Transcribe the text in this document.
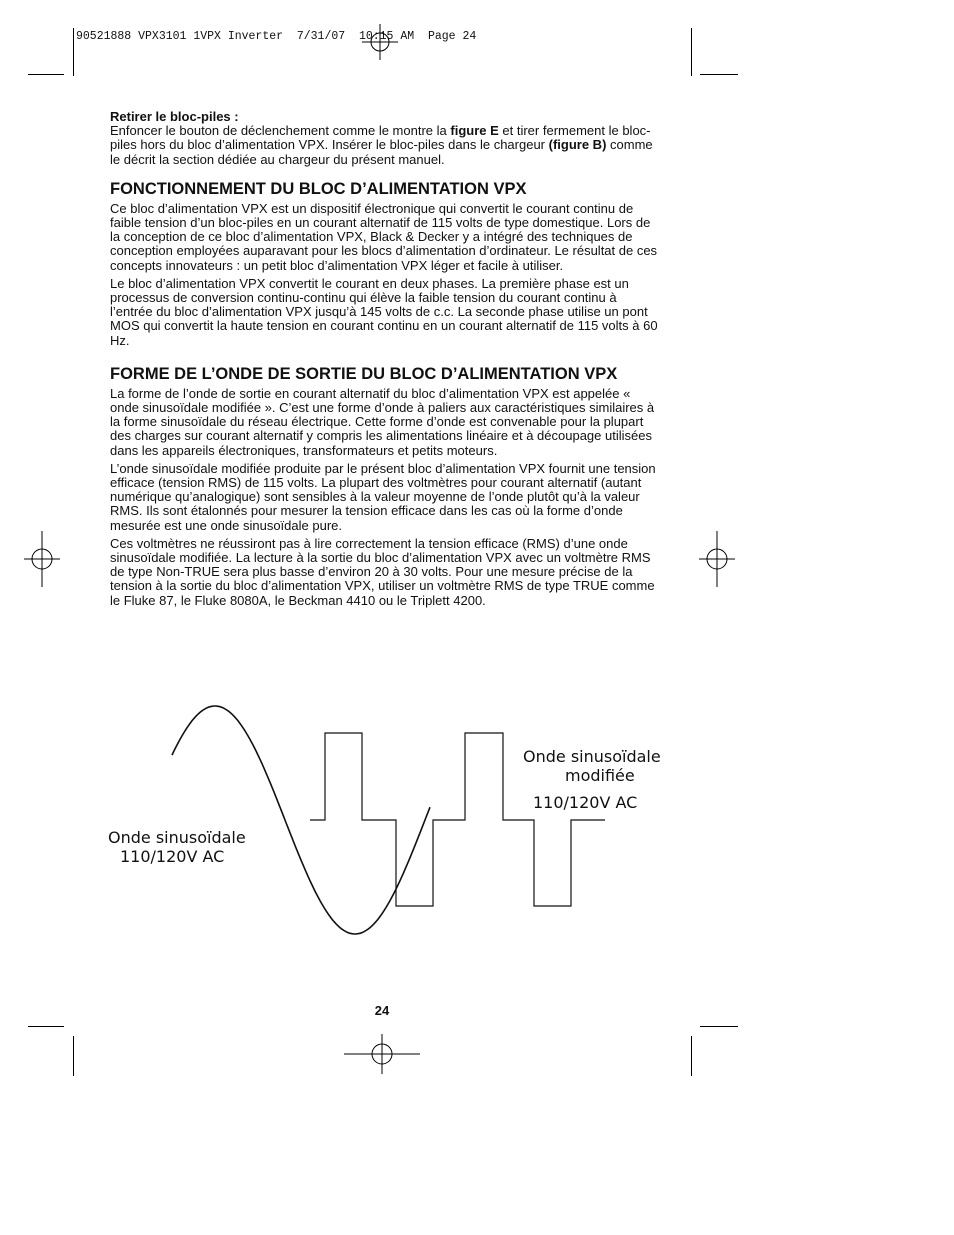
90521888 VPX3101 1VPX Inverter  7/31/07  10:15 AM  Page 24

Retirer le bloc-piles :
Enfoncer le bouton de déclenchement comme le montre la figure E et tirer fermement le bloc-piles hors du bloc d’alimentation VPX. Insérer le bloc-piles dans le chargeur (figure B) comme le décrit la section dédiée au chargeur du présent manuel.

FONCTIONNEMENT DU BLOC D’ALIMENTATION VPX

Ce bloc d’alimentation VPX est un dispositif électronique qui convertit le courant continu de faible tension d’un bloc-piles en un courant alternatif de 115 volts de type domestique. Lors de la conception de ce bloc d’alimentation VPX, Black & Decker y a intégré des techniques de conception employées auparavant pour les blocs d’alimentation d’ordinateur. Le résultat de ces concepts innovateurs : un petit bloc d’alimentation VPX léger et facile à utiliser.

Le bloc d’alimentation VPX convertit le courant en deux phases. La première phase est un processus de conversion continu-continu qui élève la faible tension du courant continu à l’entrée du bloc d’alimentation VPX jusqu’à 145 volts de c.c. La seconde phase utilise un pont MOS qui convertit la haute tension en courant continu en un courant alternatif de 115 volts à 60 Hz.

FORME DE L’ONDE DE SORTIE DU BLOC D’ALIMENTATION VPX

La forme de l’onde de sortie en courant alternatif du bloc d’alimentation VPX est appelée « onde sinusoïdale modifiée ». C’est une forme d’onde à paliers aux caractéristiques similaires à la forme sinusoïdale du réseau électrique. Cette forme d’onde est convenable pour la plupart des charges sur courant alternatif y compris les alimentations linéaire et à découpage utilisées dans les appareils électroniques, transformateurs et petits moteurs.

L’onde sinusoïdale modifiée produite par le présent bloc d’alimentation VPX fournit une tension efficace (tension RMS) de 115 volts. La plupart des voltmètres pour courant alternatif (autant numérique qu’analogique) sont sensibles à la valeur moyenne de l’onde plutôt qu’à la valeur RMS. Ils sont étalonnés pour mesurer la tension efficace dans les cas où la forme d’onde mesurée est une onde sinusoïdale pure.

Ces voltmètres ne réussiront pas à lire correctement la tension efficace (RMS) d’une onde sinusoïdale modifiée. La lecture à la sortie du bloc d’alimentation VPX avec un voltmètre RMS de type Non-TRUE sera plus basse d’environ 20 à 30 volts. Pour une mesure précise de la tension à la sortie du bloc d’alimentation VPX, utiliser un voltmètre RMS de type TRUE comme le Fluke 87, le Fluke 8080A, le Beckman 4410 ou le Triplett 4200.

Onde sinusoïdale
110/120V AC
Onde sinusoïdale
modifiée
110/120V AC
24
